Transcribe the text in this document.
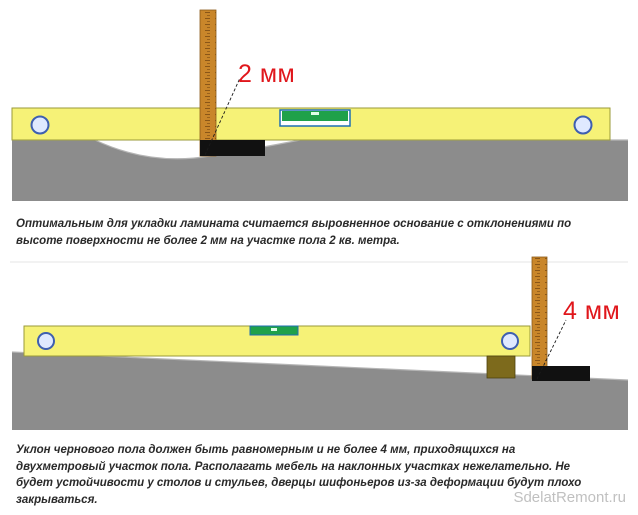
2 мм
4 мм

Оптимальным для укладки ламината считается выровненное основание с отклонениями по
высоте поверхности не более 2 мм на участке пола 2 кв. метра.

Уклон чернового пола должен быть равномерным и не более 4 мм, приходящихся на
двухметровый участок пола. Располагать мебель на наклонных участках нежелательно. Не
будет устойчивости у столов и стульев, дверцы шифоньеров из-за деформации будут плохо
закрываться.	SdelatRemont.ru
